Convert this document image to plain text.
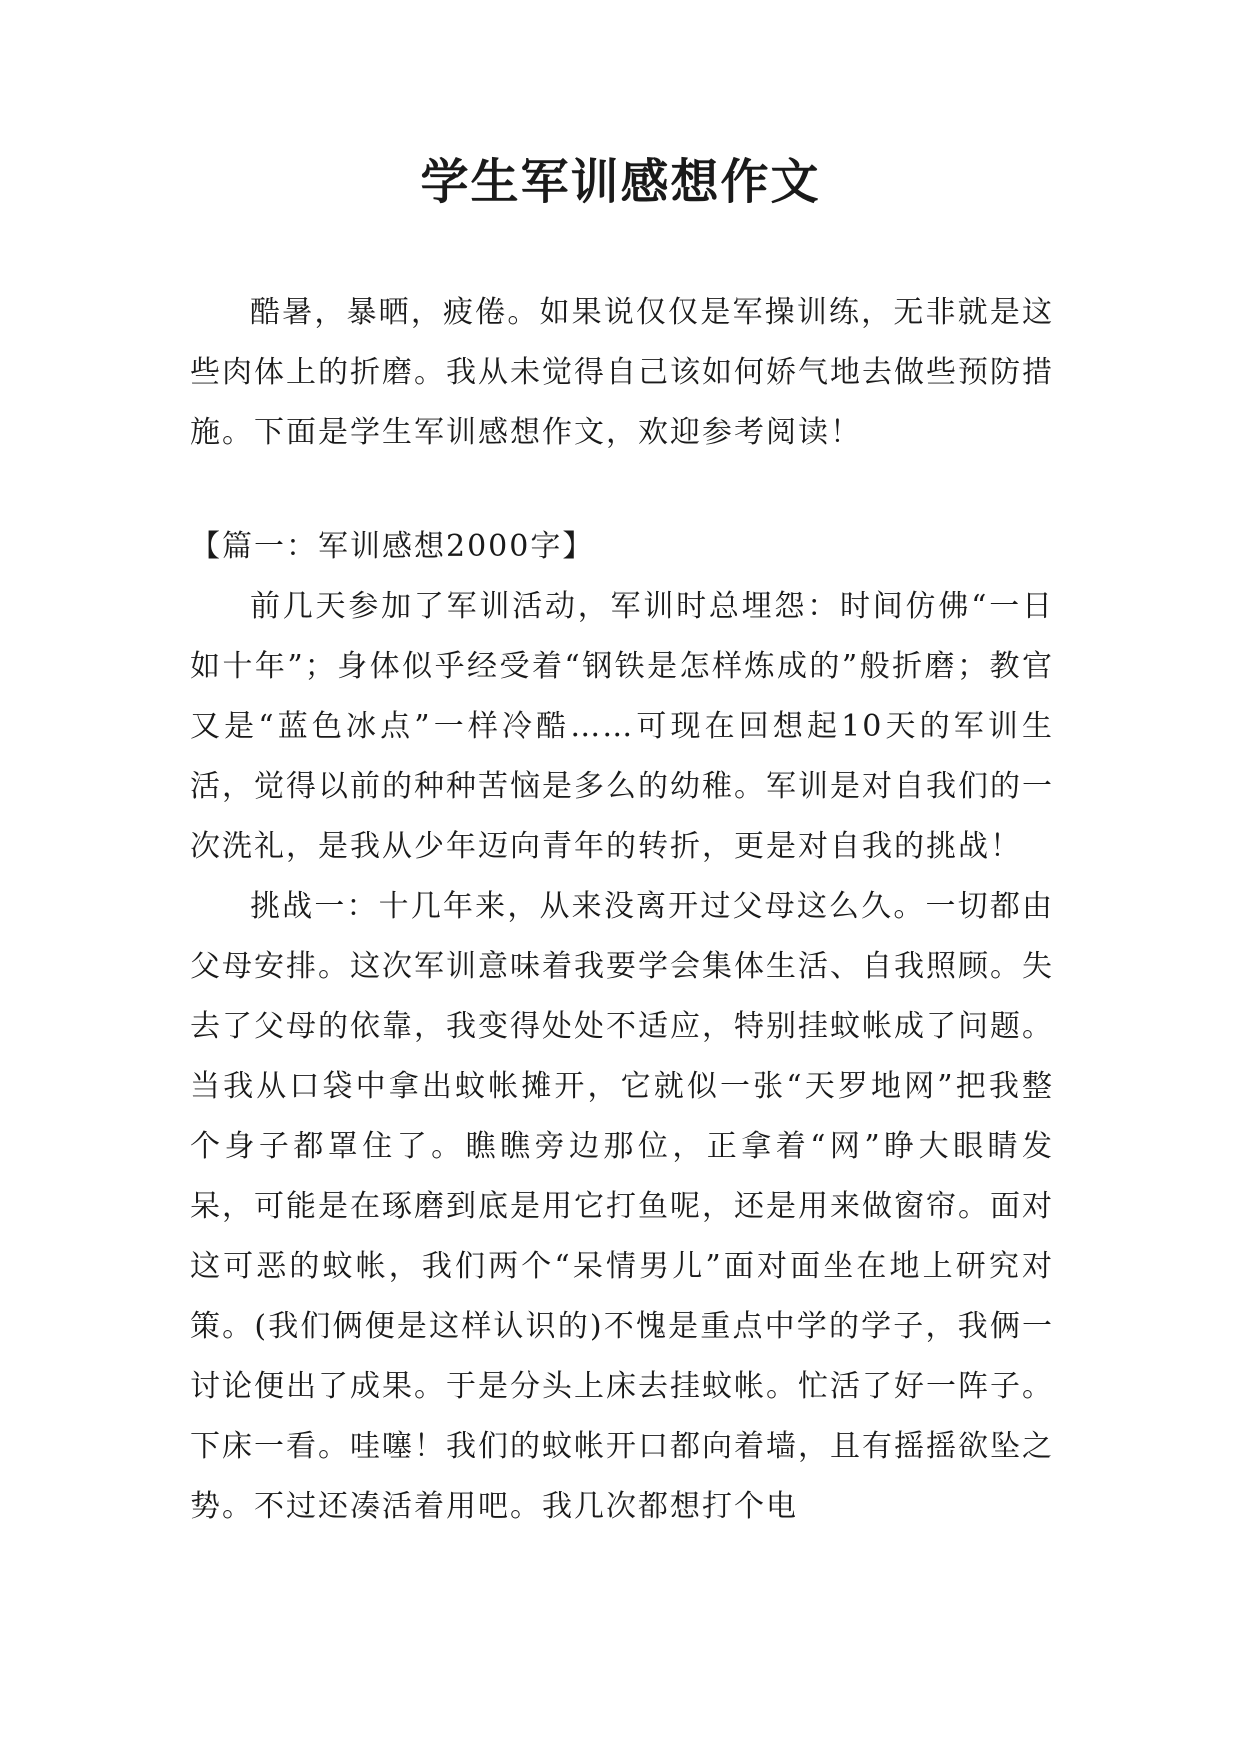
学生军训感想作文

酷暑，暴晒，疲倦。如果说仅仅是军操训练，无非就是这些肉体上的折磨。我从未觉得自己该如何娇气地去做些预防措施。下面是学生军训感想作文，欢迎参考阅读！

【篇一：军训感想2000字】

前几天参加了军训活动，军训时总埋怨：时间仿佛“一日如十年”；身体似乎经受着“钢铁是怎样炼成的”般折磨；教官又是“蓝色冰点”一样冷酷……可现在回想起10天的军训生活，觉得以前的种种苦恼是多么的幼稚。军训是对自我们的一次洗礼，是我从少年迈向青年的转折，更是对自我的挑战！

挑战一：十几年来，从来没离开过父母这么久。一切都由父母安排。这次军训意味着我要学会集体生活、自我照顾。失去了父母的依靠，我变得处处不适应，特别挂蚊帐成了问题。当我从口袋中拿出蚊帐摊开，它就似一张“天罗地网”把我整个身子都罩住了。瞧瞧旁边那位，正拿着“网”睁大眼睛发呆，可能是在琢磨到底是用它打鱼呢，还是用来做窗帘。面对这可恶的蚊帐，我们两个“呆情男儿”面对面坐在地上研究对策。(我们俩便是这样认识的)不愧是重点中学的学子，我俩一讨论便出了成果。于是分头上床去挂蚊帐。忙活了好一阵子。下床一看。哇噻！我们的蚊帐开口都向着墙，且有摇摇欲坠之势。不过还凑活着用吧。我几次都想打个电
